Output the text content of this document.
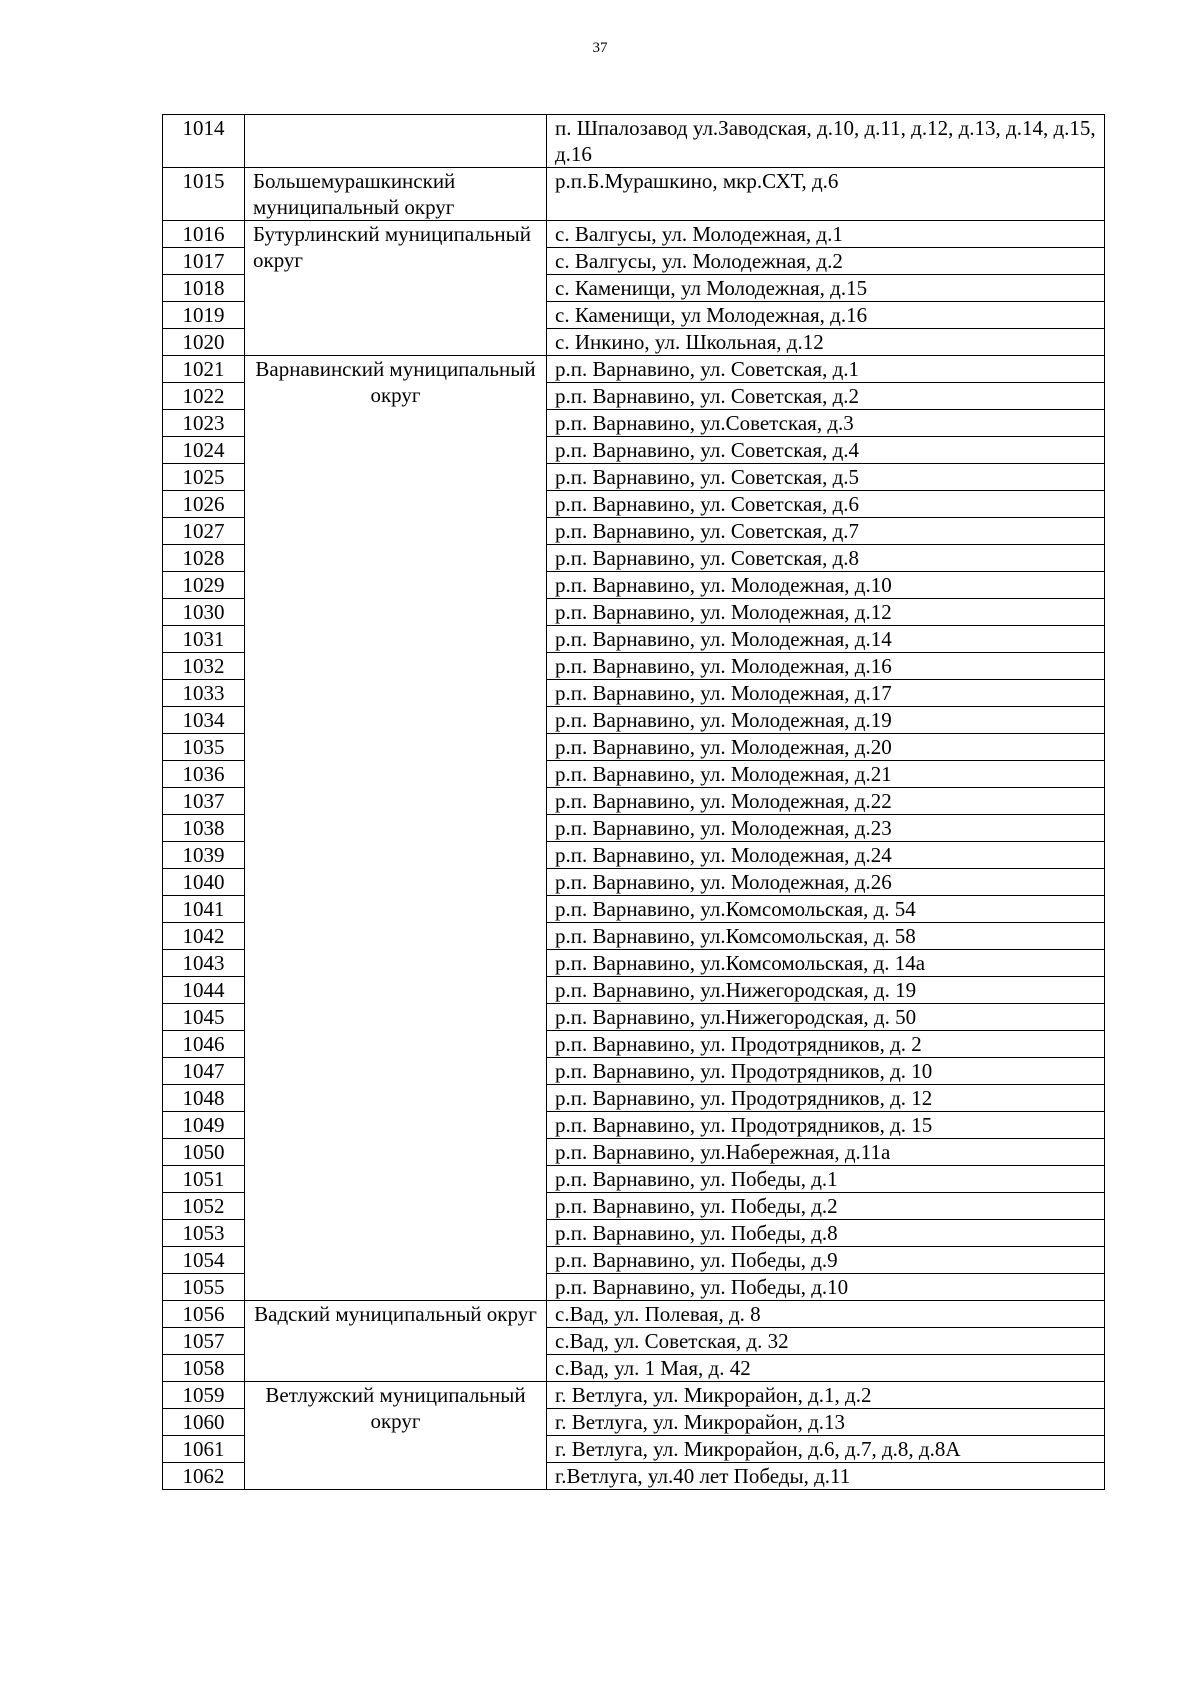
37
1014		п. Шпалозавод ул.Заводская, д.10, д.11, д.12, д.13, д.14, д.15, д.16
1015	Большемурашкинский муниципальный округ	р.п.Б.Мурашкино, мкр.СХТ, д.6
1016	Бутурлинский муниципальный округ	с. Валгусы, ул. Молодежная, д.1
1017		с. Валгусы, ул. Молодежная, д.2
1018		с. Каменищи, ул Молодежная, д.15
1019		с. Каменищи, ул Молодежная, д.16
1020		с. Инкино, ул. Школьная, д.12
1021	Варнавинский муниципальный округ	р.п. Варнавино, ул. Советская, д.1
1022		р.п. Варнавино, ул. Советская, д.2
1023		р.п. Варнавино, ул.Советская, д.3
1024		р.п. Варнавино, ул. Советская, д.4
1025		р.п. Варнавино, ул. Советская, д.5
1026		р.п. Варнавино, ул. Советская, д.6
1027		р.п. Варнавино, ул. Советская, д.7
1028		р.п. Варнавино, ул. Советская, д.8
1029		р.п. Варнавино, ул. Молодежная, д.10
1030		р.п. Варнавино, ул. Молодежная, д.12
1031		р.п. Варнавино, ул. Молодежная, д.14
1032		р.п. Варнавино, ул. Молодежная, д.16
1033		р.п. Варнавино, ул. Молодежная, д.17
1034		р.п. Варнавино, ул. Молодежная, д.19
1035		р.п. Варнавино, ул. Молодежная, д.20
1036		р.п. Варнавино, ул. Молодежная, д.21
1037		р.п. Варнавино, ул. Молодежная, д.22
1038		р.п. Варнавино, ул. Молодежная, д.23
1039		р.п. Варнавино, ул. Молодежная, д.24
1040		р.п. Варнавино, ул. Молодежная, д.26
1041		р.п. Варнавино, ул.Комсомольская, д. 54
1042		р.п. Варнавино, ул.Комсомольская, д. 58
1043		р.п. Варнавино, ул.Комсомольская, д. 14а
1044		р.п. Варнавино, ул.Нижегородская, д. 19
1045		р.п. Варнавино, ул.Нижегородская, д. 50
1046		р.п. Варнавино, ул. Продотрядников, д. 2
1047		р.п. Варнавино, ул. Продотрядников, д. 10
1048		р.п. Варнавино, ул. Продотрядников, д. 12
1049		р.п. Варнавино, ул. Продотрядников, д. 15
1050		р.п. Варнавино, ул.Набережная, д.11а
1051		р.п. Варнавино, ул. Победы, д.1
1052		р.п. Варнавино, ул. Победы, д.2
1053		р.п. Варнавино, ул. Победы, д.8
1054		р.п. Варнавино, ул. Победы, д.9
1055		р.п. Варнавино, ул. Победы, д.10
1056	Вадский муниципальный округ	с.Вад, ул. Полевая, д. 8
1057		с.Вад, ул. Советская, д. 32
1058		с.Вад, ул. 1 Мая, д. 42
1059	Ветлужский муниципальный округ	г. Ветлуга, ул. Микрорайон, д.1, д.2
1060		г. Ветлуга, ул. Микрорайон, д.13
1061		г. Ветлуга, ул. Микрорайон, д.6, д.7, д.8, д.8А
1062		г.Ветлуга, ул.40 лет Победы, д.11
